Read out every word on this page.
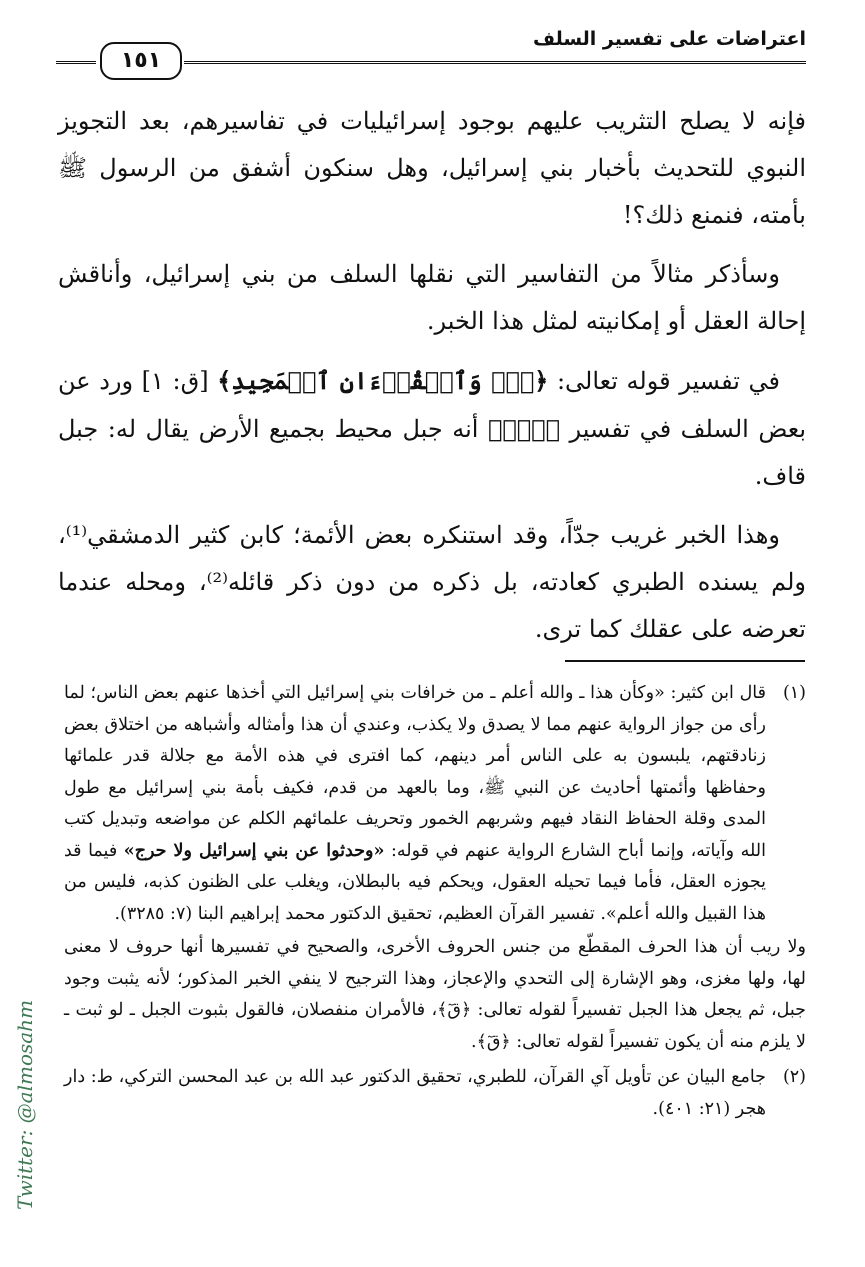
اعتراضات على تفسير السلف
١٥١

فإنه لا يصلح التثريب عليهم بوجود إسرائيليات في تفاسيرهم، بعد التجويز النبوي للتحديث بأخبار بني إسرائيل، وهل سنكون أشفق من الرسول ﷺ بأمته، فنمنع ذلك؟!

وسأذكر مثالاً من التفاسير التي نقلها السلف من بني إسرائيل، وأناقش إحالة العقل أو إمكانيته لمثل هذا الخبر.

في تفسير قوله تعالى: ﴿قٓۚ وَٱلۡقُرۡءَانِ ٱلۡمَجِيدِ﴾ [ق: ١] ورد عن بعض السلف في تفسير ﴿قٓۚ﴾ أنه جبل محيط بجميع الأرض يقال له: جبل قاف.

وهذا الخبر غريب جدّاً، وقد استنكره بعض الأئمة؛ كابن كثير الدمشقي⁽¹⁾، ولم يسنده الطبري كعادته، بل ذكره من دون ذكر قائله⁽²⁾، ومحله عندما تعرضه على عقلك كما ترى.

(١)
قال ابن كثير: «وكأن هذا ـ والله أعلم ـ من خرافات بني إسرائيل التي أخذها عنهم بعض الناس؛ لما رأى من جواز الرواية عنهم مما لا يصدق ولا يكذب، وعندي أن هذا وأمثاله وأشباهه من اختلاق بعض زنادقتهم، يلبسون به على الناس أمر دينهم، كما افترى في هذه الأمة مع جلالة قدر علمائها وحفاظها وأئمتها أحاديث عن النبي ﷺ، وما بالعهد من قدم، فكيف بأمة بني إسرائيل مع طول المدى وقلة الحفاظ النقاد فيهم وشربهم الخمور وتحريف علمائهم الكلم عن مواضعه وتبديل كتب الله وآياته، وإنما أباح الشارع الرواية عنهم في قوله: «وحدثوا عن بني إسرائيل ولا حرج» فيما قد يجوزه العقل، فأما فيما تحيله العقول، ويحكم فيه بالبطلان، ويغلب على الظنون كذبه، فليس من هذا القبيل والله أعلم». تفسير القرآن العظيم، تحقيق الدكتور محمد إبراهيم البنا (٧: ٣٢٨٥).

ولا ريب أن هذا الحرف المقطّع من جنس الحروف الأخرى، والصحيح في تفسيرها أنها حروف لا معنى لها، ولها مغزى، وهو الإشارة إلى التحدي والإعجاز، وهذا الترجيح لا ينفي الخبر المذكور؛ لأنه يثبت وجود جبل، ثم يجعل هذا الجبل تفسيراً لقوله تعالى: ﴿قٓ﴾، فالأمران منفصلان، فالقول بثبوت الجبل ـ لو ثبت ـ لا يلزم منه أن يكون تفسيراً لقوله تعالى: ﴿قٓ﴾.

(٢)
جامع البيان عن تأويل آي القرآن، للطبري، تحقيق الدكتور عبد الله بن عبد المحسن التركي، ط: دار هجر (٢١: ٤٠١).
Twitter: @almosahm
